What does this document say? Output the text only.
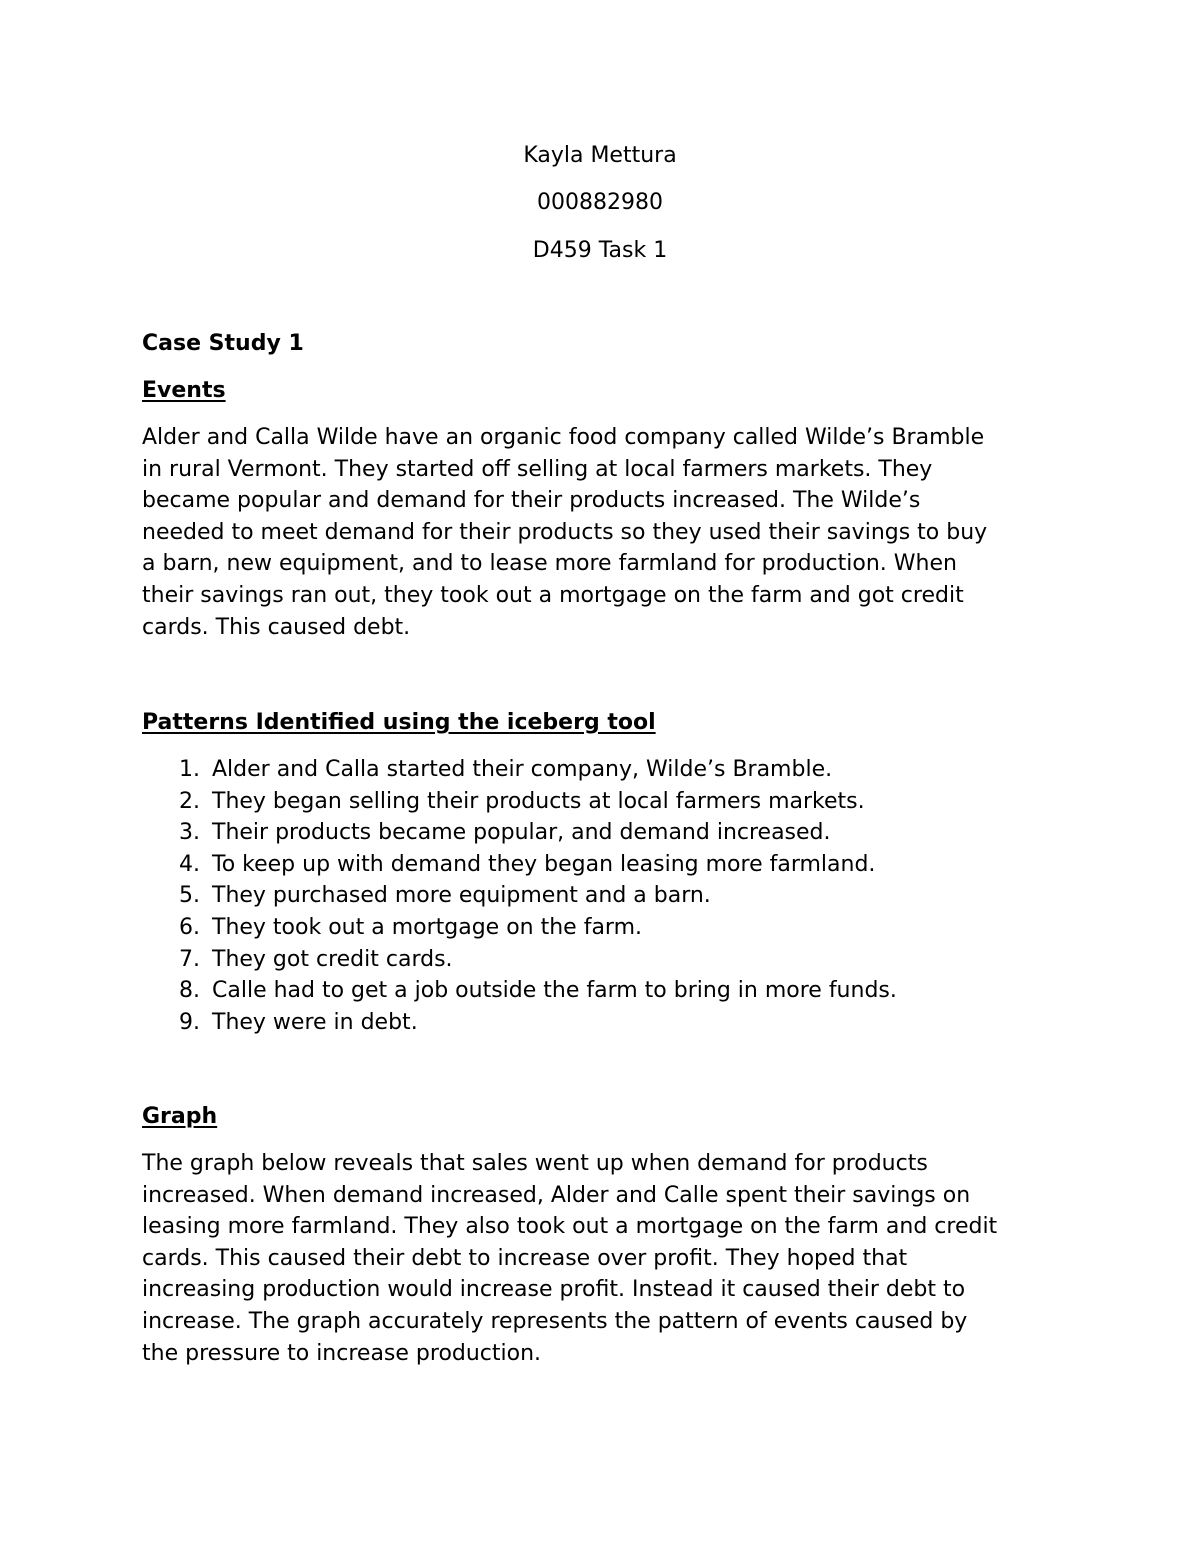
Kayla Mettura
000882980
D459 Task 1
Case Study 1
Events

Alder and Calla Wilde have an organic food company called Wilde’s Bramble
in rural Vermont. They started off selling at local farmers markets. They
became popular and demand for their products increased. The Wilde’s
needed to meet demand for their products so they used their savings to buy
a barn, new equipment, and to lease more farmland for production. When
their savings ran out, they took out a mortgage on the farm and got credit
cards. This caused debt.

Patterns Identified using the iceberg tool
1. Alder and Calla started their company, Wilde’s Bramble.
2. They began selling their products at local farmers markets.
3. Their products became popular, and demand increased.
4. To keep up with demand they began leasing more farmland.
5. They purchased more equipment and a barn.
6. They took out a mortgage on the farm.
7. They got credit cards.
8. Calle had to get a job outside the farm to bring in more funds.
9. They were in debt.
Graph

The graph below reveals that sales went up when demand for products
increased. When demand increased, Alder and Calle spent their savings on
leasing more farmland. They also took out a mortgage on the farm and credit
cards. This caused their debt to increase over profit. They hoped that
increasing production would increase profit. Instead it caused their debt to
increase. The graph accurately represents the pattern of events caused by
the pressure to increase production.
